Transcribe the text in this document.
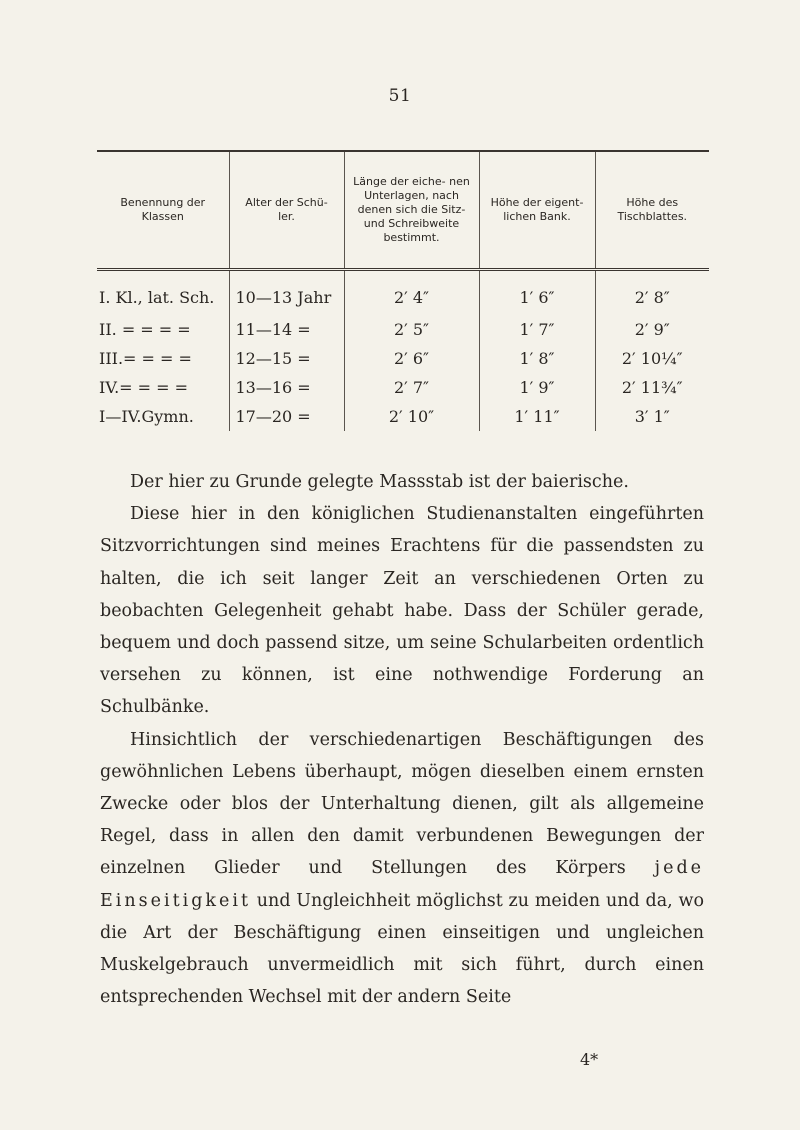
51
Benennung der Klassen	Alter der Schü- ler.	Länge der eiche- nen Unterlagen, nach denen sich die Sitz- und Schreibweite bestimmt.	Höhe der eigent- lichen Bank.	Höhe des Tischblattes.
I. Kl., lat. Sch.	10—13 Jahr	2′ 4″	1′ 6″	2′ 8″
II. = = = =	11—14 =	2′ 5″	1′ 7″	2′ 9″
III.= = = =	12—15 =	2′ 6″	1′ 8″	2′ 10¼″
IV.= = = =	13—16 =	2′ 7″	1′ 9″	2′ 11¾″
I—IV.Gymn.	17—20 =	2′ 10″	1′ 11″	3′ 1″

Der hier zu Grunde gelegte Massstab ist der baierische.

Diese hier in den königlichen Studienanstalten eingeführten Sitzvorrichtungen sind meines Erachtens für die passendsten zu halten, die ich seit langer Zeit an verschiedenen Orten zu beobachten Gelegenheit gehabt habe. Dass der Schüler gerade, bequem und doch passend sitze, um seine Schularbeiten ordentlich versehen zu können, ist eine nothwendige Forderung an Schulbänke.

Hinsichtlich der verschiedenartigen Beschäftigungen des gewöhnlichen Lebens überhaupt, mögen dieselben einem ernsten Zwecke oder blos der Unterhaltung dienen, gilt als allgemeine Regel, dass in allen den damit verbundenen Bewegungen der einzelnen Glieder und Stellungen des Körpers jede Einseitigkeit und Ungleichheit möglichst zu meiden und da, wo die Art der Beschäftigung einen einseitigen und ungleichen Muskelgebrauch unvermeidlich mit sich führt, durch einen entsprechenden Wechsel mit der andern Seite

4*
